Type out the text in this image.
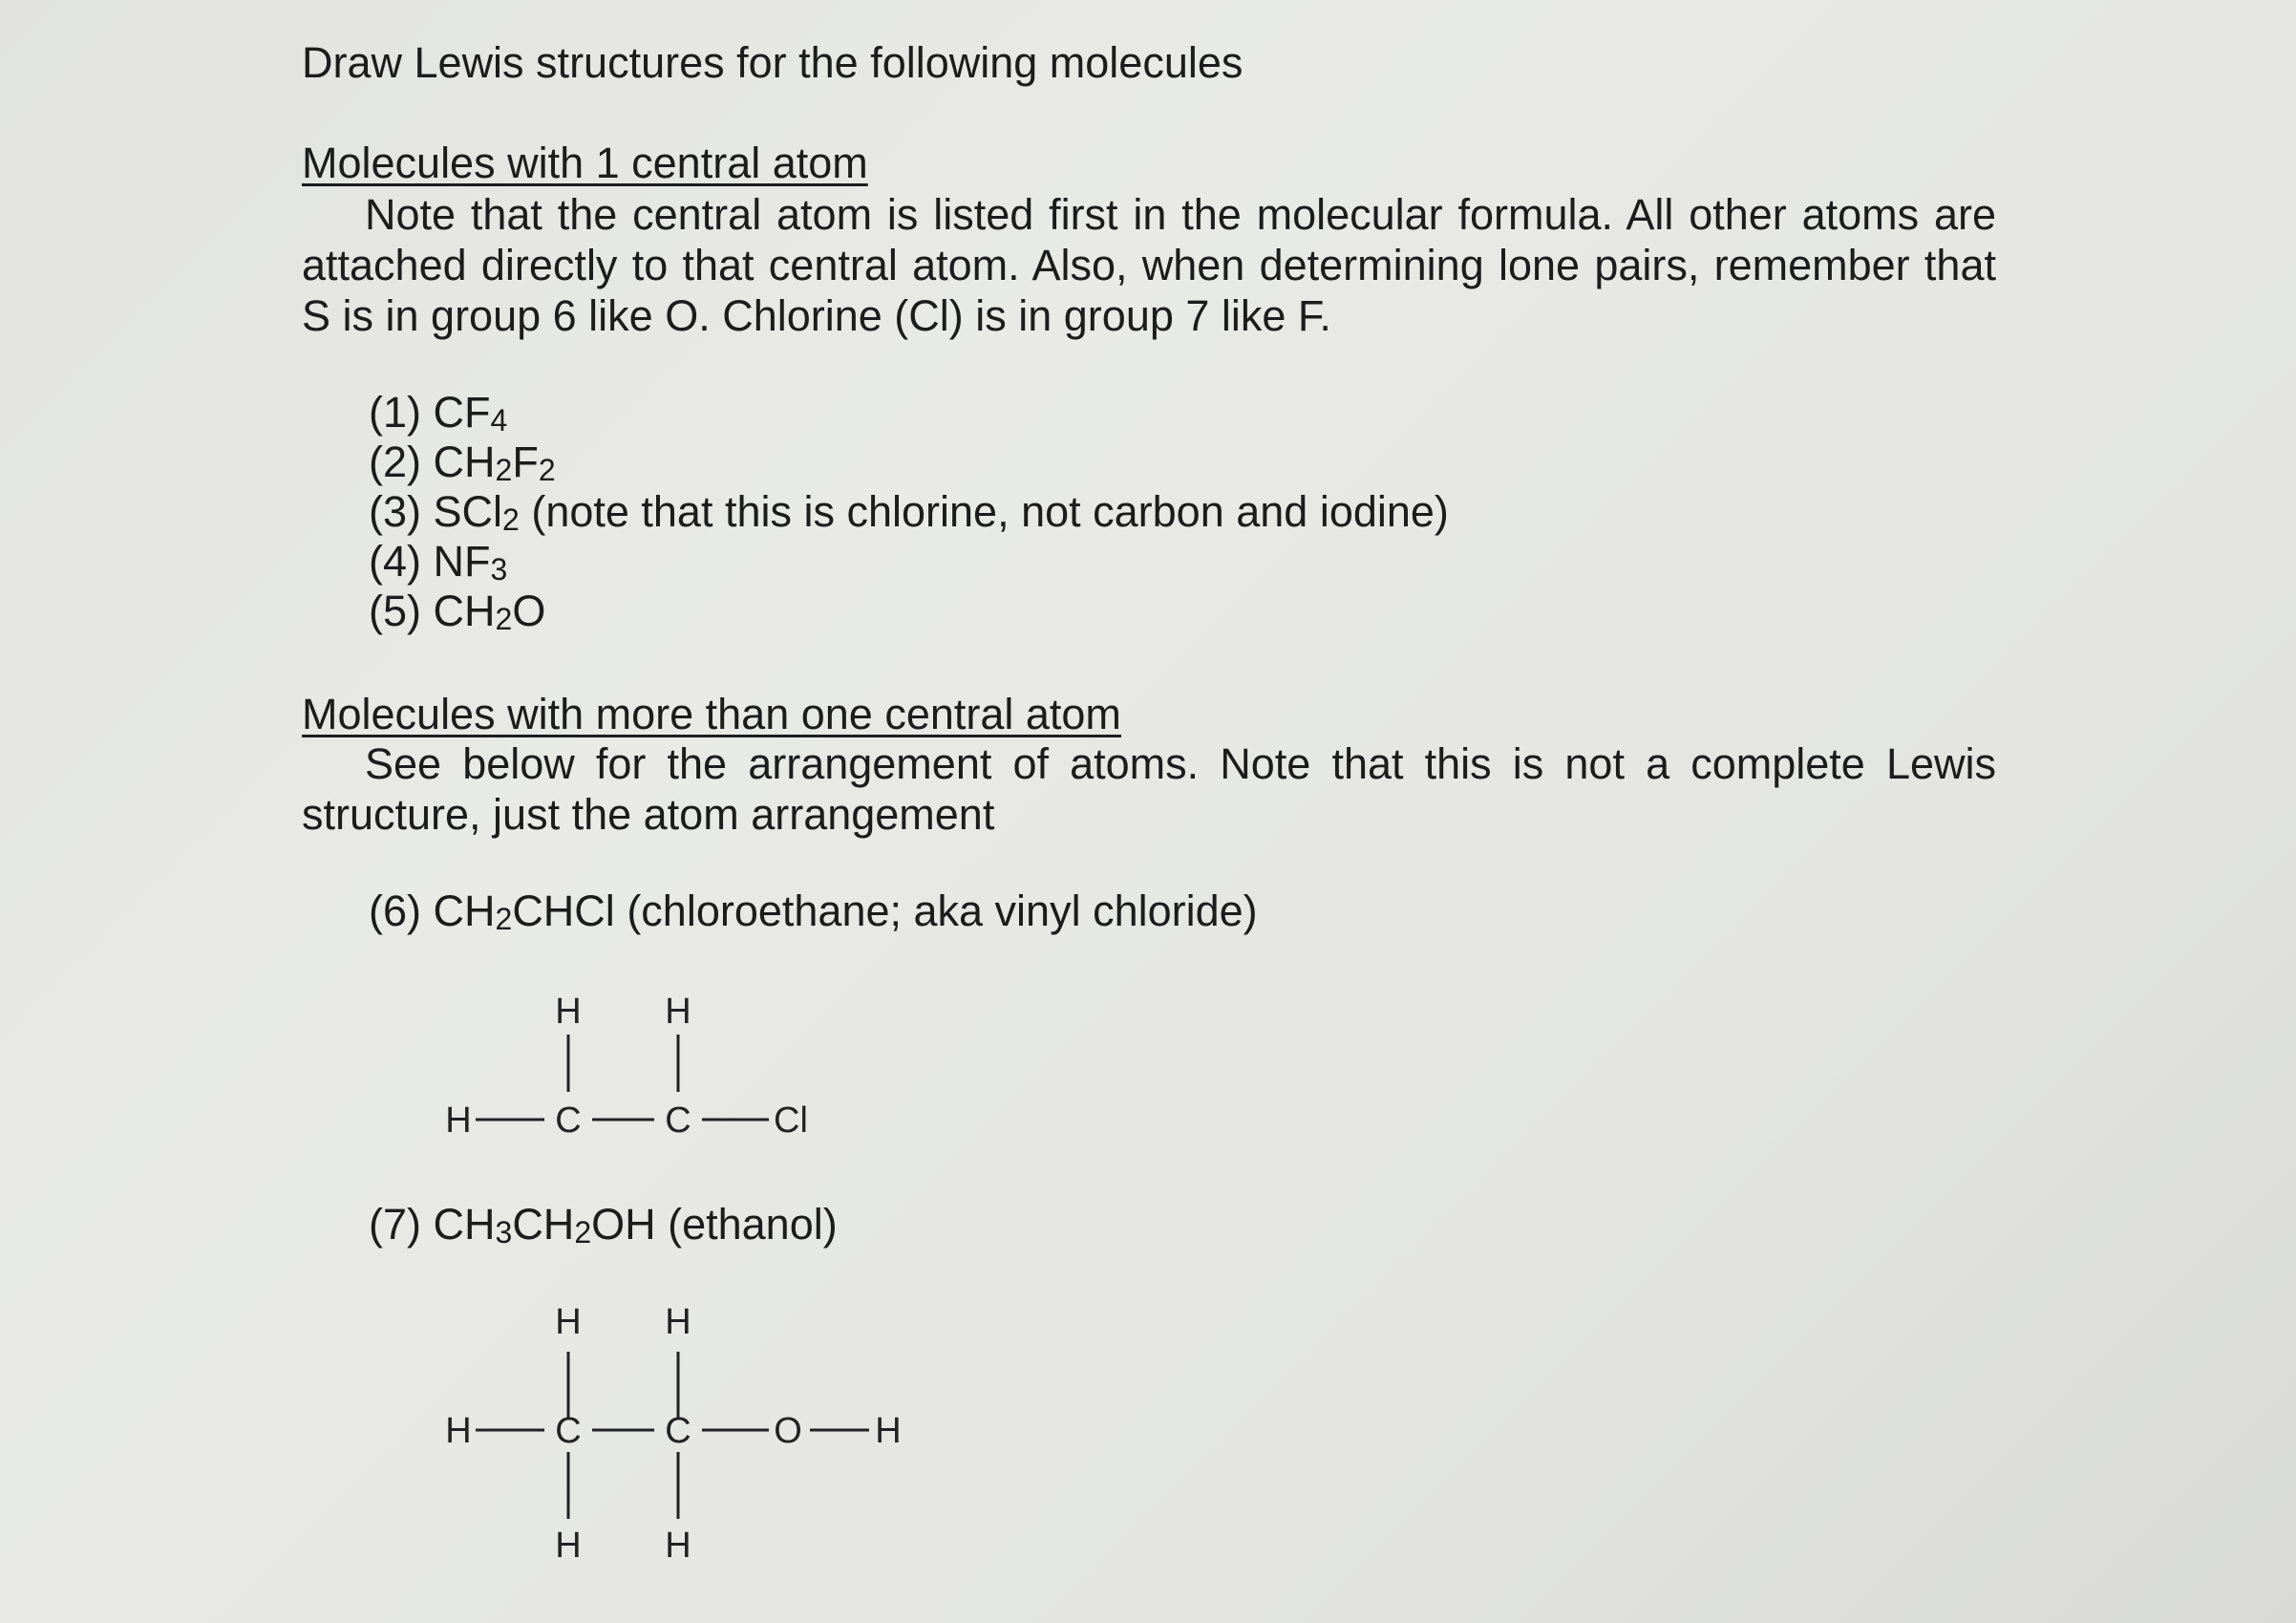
Draw Lewis structures for the following molecules
Molecules with 1 central atom
Note that the central atom is listed first in the molecular formula. All other atoms are attached directly to that central atom. Also, when determining lone pairs, remember that S is in group 6 like O. Chlorine (Cl) is in group 7 like F.
(1) $CF_4$
(2) $CH_2F_2$
(3) SCl$_2$ (note that this is chlorine, not carbon and iodine)
(4) $NF_3$
(5) $CH_2O$
Molecules with more than one central atom
See below for the arrangement of atoms. Note that this is not a complete Lewis structure, just the atom arrangement
(6) $CH_2CHCl$ (chloroethane; aka vinyl chloride)
H H
H C C Cl
(7) $CH_3CH_2OH$ (ethanol)
H H
H C C O H
H H
